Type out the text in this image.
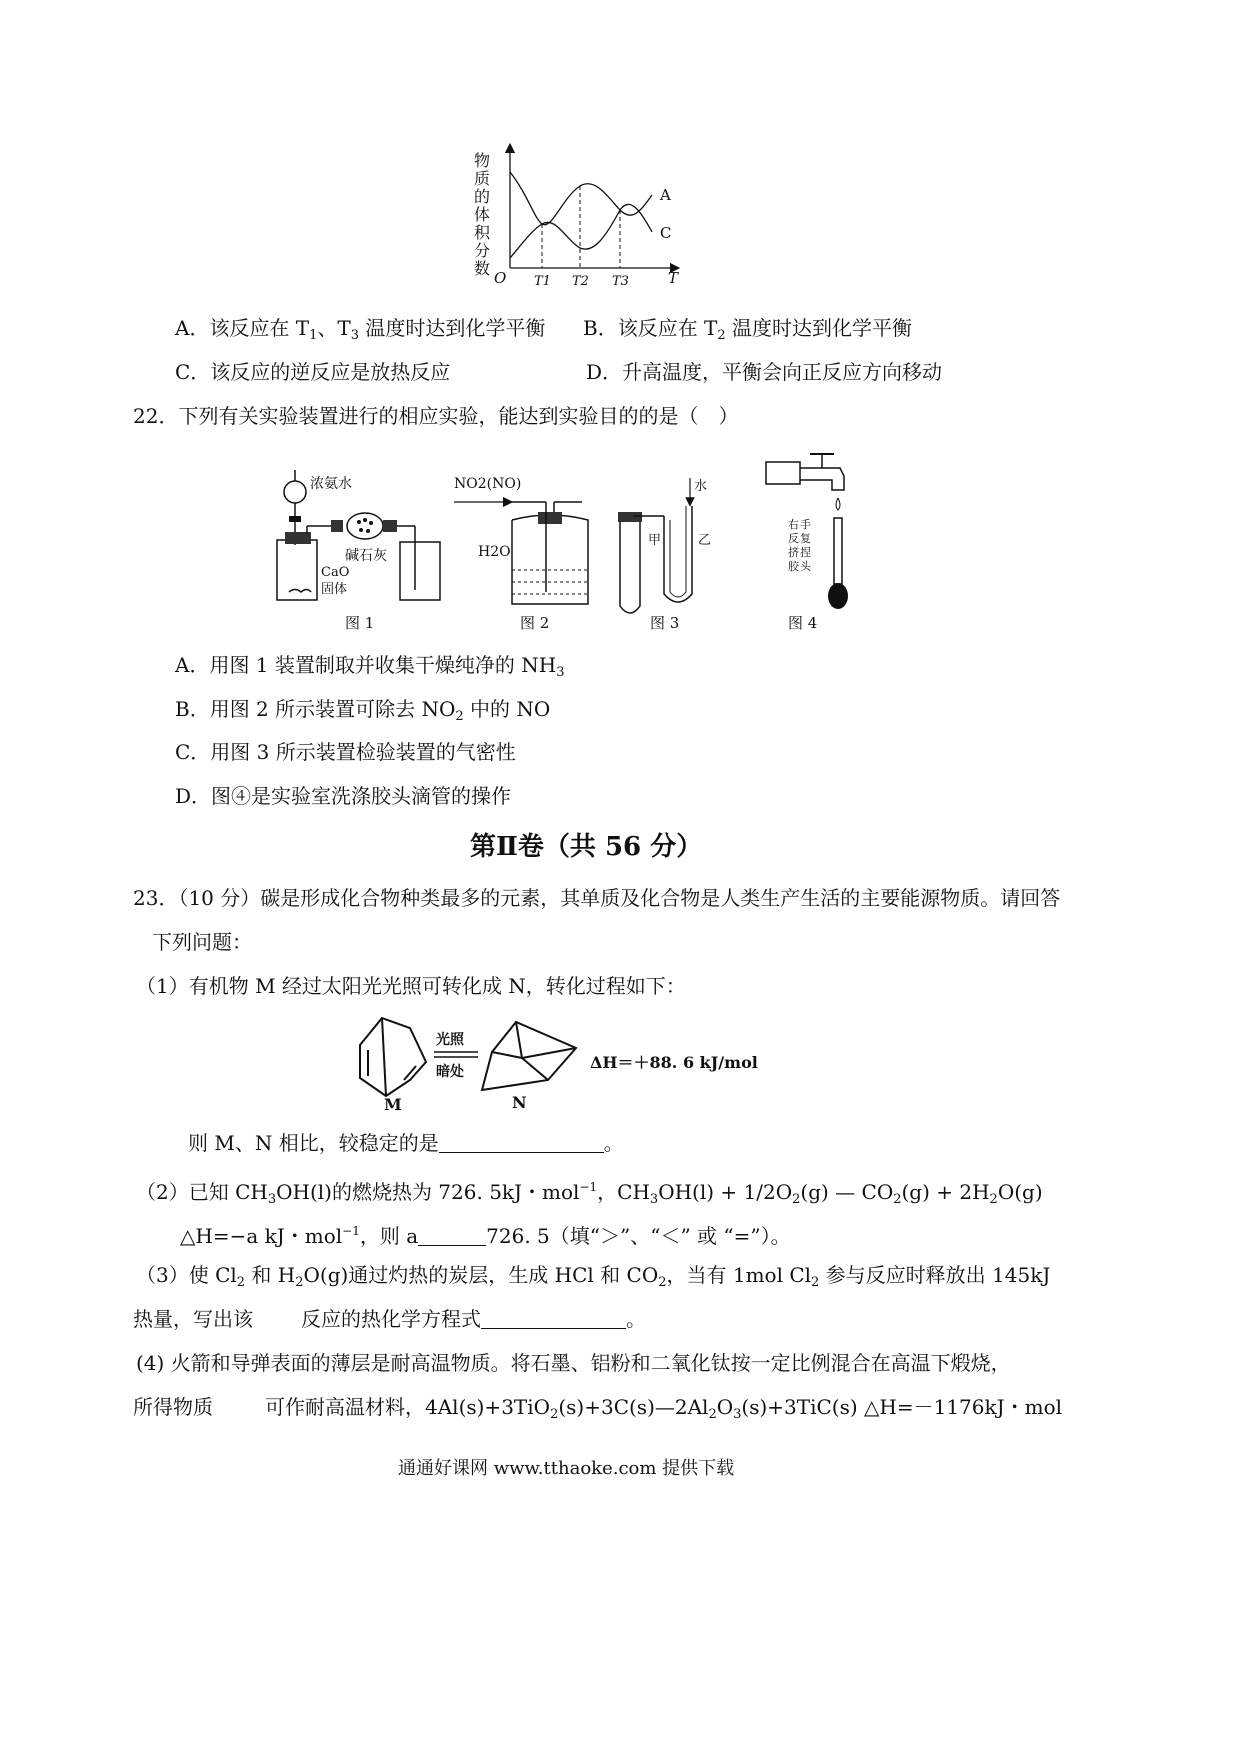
物
质
的
体
积
分
数 O	T
T1 T2 T3
A
C
A．该反应在 $T_1$、$T_3$ 温度时达到化学平衡 B．该反应在 $T_2$ 温度时达到化学平衡
C．该反应的逆反应是放热反应	D．升高温度，平衡会向正反应方向移动
22．下列有关实验装置进行的相应实验，能达到实验目的的是（　）
浓氨水
CaO
固体
碱石灰
图 1
NO2(NO)
H2O
图 2
水
甲	乙
图 3
右 手
反 复
挤 捏
胶 头
图 4
A．用图 1 装置制取并收集干燥纯净的 $NH_3$
B．用图 2 所示装置可除去 $NO_2$ 中的 NO
C．用图 3 所示装置检验装置的气密性
D．图④是实验室洗涤胶头滴管的操作
第Ⅱ卷（共 56 分）
23．（10 分）碳是形成化合物种类最多的元素，其单质及化合物是人类生产生活的主要能源物质。请回答
下列问题：
（1）有机物 M 经过太阳光光照可转化成 N，转化过程如下：
M
光照
暗处
N
ΔH＝＋88. 6 kJ/mol
则 M、N 相比，较稳定的是	。
（2）已知 $CH_3OH(l)$的燃烧热为 726. 5kJ・mol$^{-1}$，$CH_3OH(l) + 1/2O_2(g)$ — $CO_2(g) + 2H_2O(g)$
△H=−a kJ・mol$^{-1}$，则 a	726. 5（填“＞”、“＜” 或 “=”）。
（3）使 $Cl_2$ 和 $H_2O(g)$通过灼热的炭层，生成 HCl 和 $CO_2$，当有 1mol $Cl_2$ 参与反应时释放出 145kJ
热量，写出该 反应的热化学方程式	。
(4) 火箭和导弹表面的薄层是耐高温物质。将石墨、铝粉和二氧化钛按一定比例混合在高温下煅烧，
所得物质	可作耐高温材料，$4Al(s)+3TiO_2(s)+3C(s)—2Al_2O_3(s)+3TiC(s)$ △H=－1176kJ・mol
通通好课网 www.tthaoke.com 提供下载
